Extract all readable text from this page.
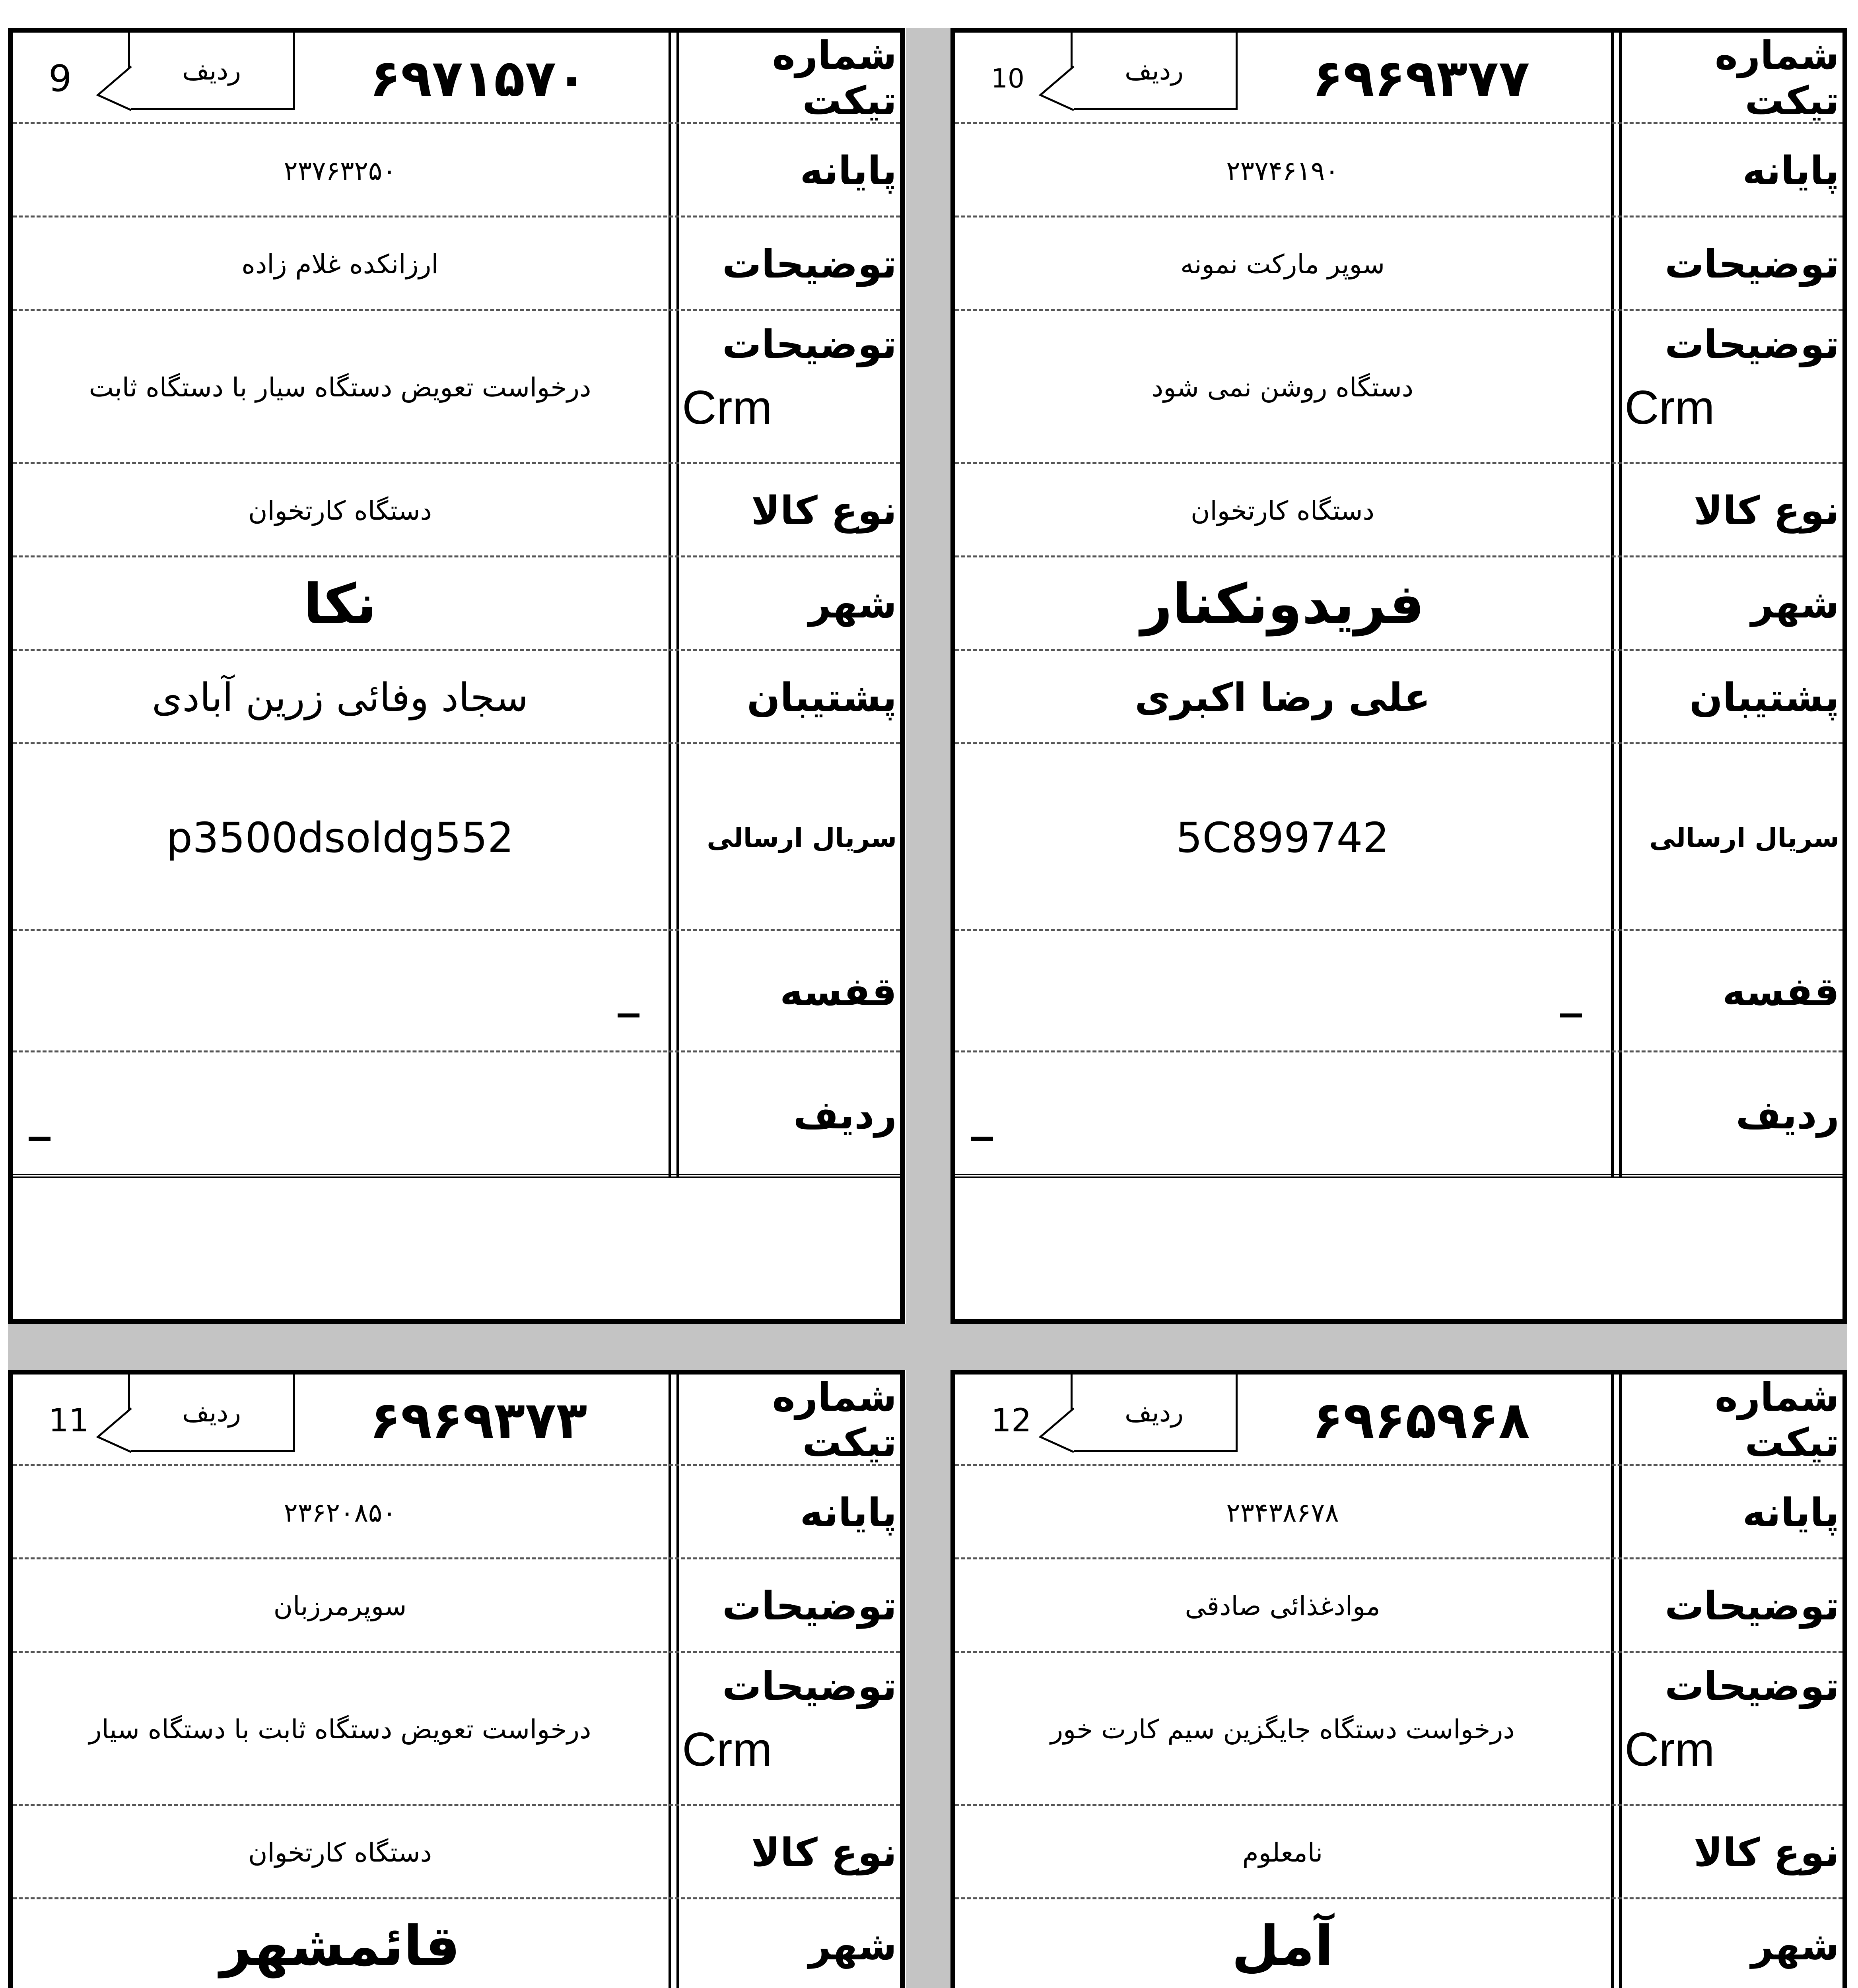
شماره تیکت
۶۹۶۹۳۷۷
ردیف
10
پایانه
۲۳۷۴۶۱۹۰
توضیحات
سوپر مارکت نمونه
توضیحات
Crm
دستگاه روشن نمی شود
نوع کالا
دستگاه کارتخوان
شهر
فریدونکنار
پشتیبان
علی رضا اکبری
سریال ارسالی
5C899742
قفسه
_
ردیف
_
شماره تیکت
۶۹۷۱۵۷۰
ردیف
9
پایانه
۲۳۷۶۳۲۵۰
توضیحات
ارزانکده غلام زاده
توضیحات
Crm
درخواست تعویض دستگاه سیار با دستگاه ثابت
نوع کالا
دستگاه کارتخوان
شهر
نکا
پشتیبان
سجاد وفائی زرین آبادی
سریال ارسالی
p3500dsoldg552
قفسه
_
ردیف
_
شماره تیکت
۶۹۶۵۹۶۸
ردیف
12
پایانه
۲۳۴۳۸۶۷۸
توضیحات
موادغذائی صادقی
توضیحات
Crm
درخواست دستگاه جایگزین سیم کارت خور
نوع کالا
نامعلوم
شهر
آمل
شماره تیکت
۶۹۶۹۳۷۳
ردیف
11
پایانه
۲۳۶۲۰۸۵۰
توضیحات
سوپرمرزبان
توضیحات
Crm
درخواست تعویض دستگاه ثابت با دستگاه سیار
نوع کالا
دستگاه کارتخوان
شهر
قائمشهر
